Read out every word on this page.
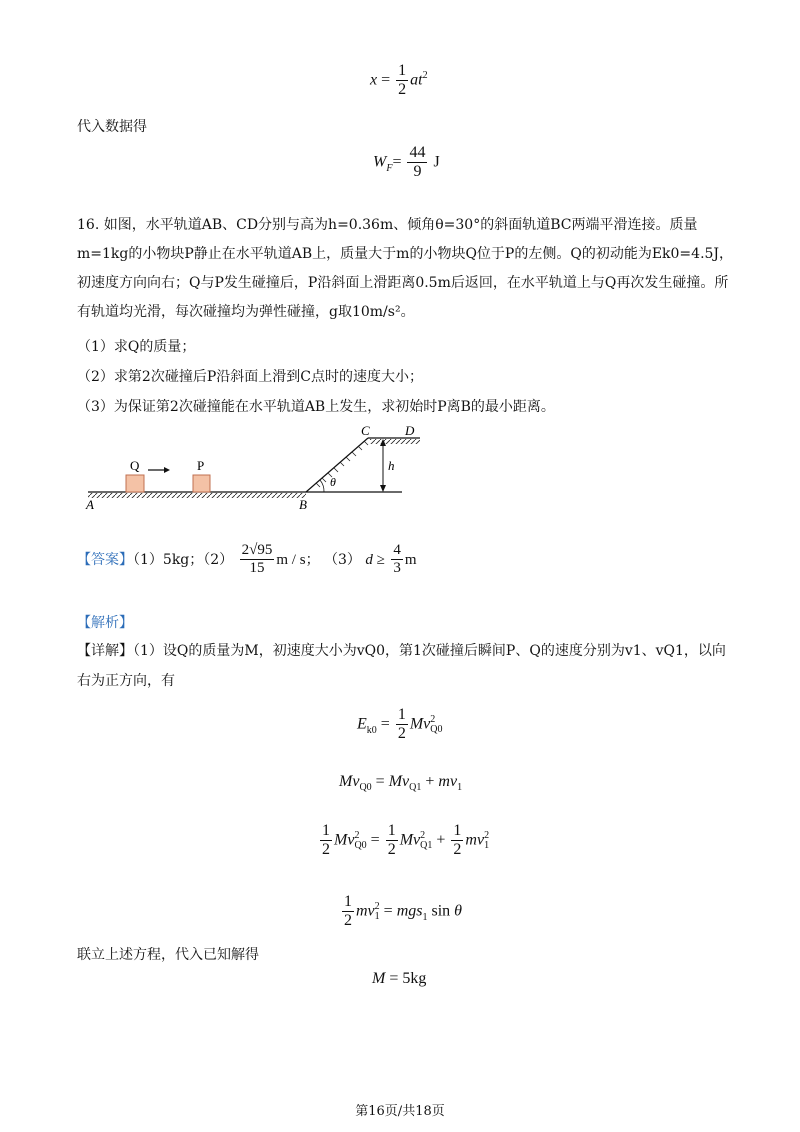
$x = \frac{1}{2} at^2$
代入数据得
$W_F= \frac{44}{9}$ J
16. 如图，水平轨道AB、CD分别与高为h=0.36m、倾角θ=30°的斜面轨道BC两端平滑连接。质量m=1kg的小物块P静止在水平轨道AB上，质量大于m的小物块Q位于P的左侧。Q的初动能为Ek0=4.5J，初速度方向向右；Q与P发生碰撞后，P沿斜面上滑距离0.5m后返回，在水平轨道上与Q再次发生碰撞。所有轨道均光滑，每次碰撞均为弹性碰撞，g取10m/s²。
（1）求Q的质量；
（2）求第2次碰撞后P沿斜面上滑到C点时的速度大小；
（3）为保证第2次碰撞能在水平轨道AB上发生，求初始时P离B的最小距离。
Q	P
A	B
C	D
h
θ
【答案】（1）5kg；$(2) \frac{2√95}{15}$ m / s； （3） $d \ge \frac{4}{3}$ m
【解析】
【详解】（1）设Q的质量为M，初速度大小为vQ0，第1次碰撞后瞬间P、Q的速度分别为v1、vQ1，以向右为正方向，有
$E_{k0} = \frac{1}{2}$ Mv 2
Q0
$Mv_{Q0} = Mv_{Q1} + mv_1$
$\frac{1}{2}$ Mv 2
$Q0 = \frac{1}{2}$ Mv 2
$Q1 + \frac{1}{2}$ mv 2
1
$\frac{1}{2}$ mv 2
1 = mgs$_1$ sin θ
联立上述方程，代入已知解得
M = 5kg
第16页/共18页
